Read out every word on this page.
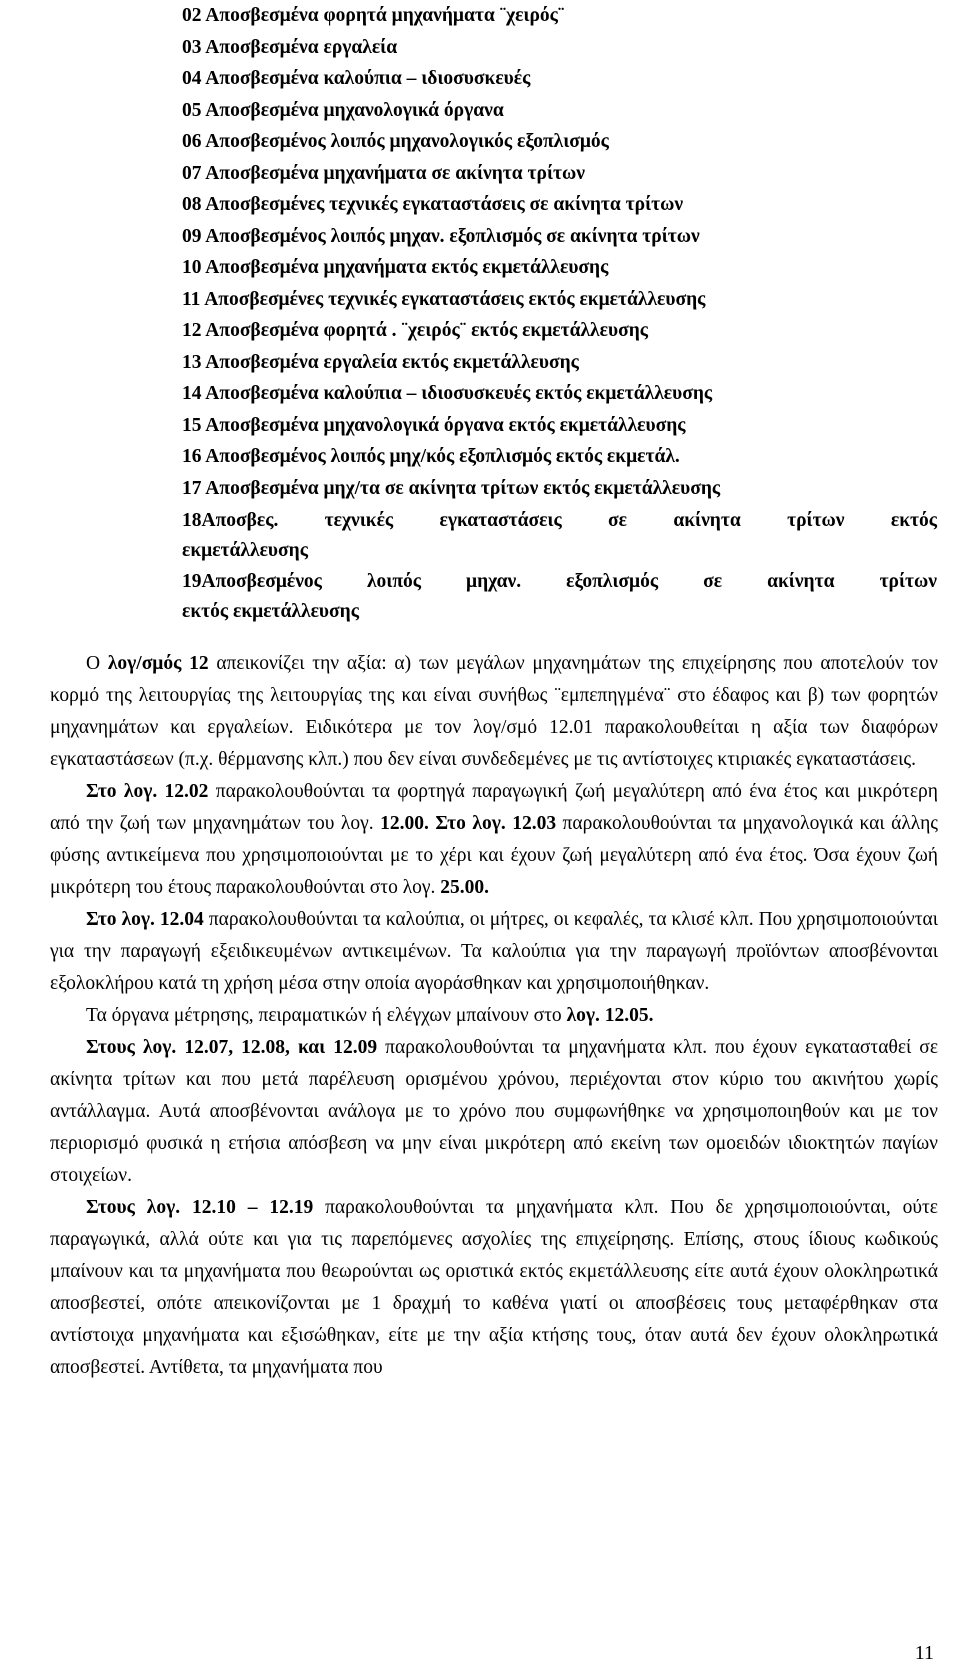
02 Αποσβεσμένα φορητά μηχανήματα ¨χειρός¨
03 Αποσβεσμένα εργαλεία
04 Αποσβεσμένα καλούπια – ιδιοσυσκευές
05 Αποσβεσμένα μηχανολογικά όργανα
06 Αποσβεσμένος λοιπός μηχανολογικός εξοπλισμός
07 Αποσβεσμένα μηχανήματα σε ακίνητα τρίτων
08 Αποσβεσμένες τεχνικές εγκαταστάσεις σε ακίνητα τρίτων
09 Αποσβεσμένος λοιπός μηχαν. εξοπλισμός σε ακίνητα τρίτων
10 Αποσβεσμένα μηχανήματα εκτός εκμετάλλευσης
11 Αποσβεσμένες τεχνικές εγκαταστάσεις εκτός εκμετάλλευσης
12 Αποσβεσμένα φορητά . ¨χειρός¨ εκτός εκμετάλλευσης
13 Αποσβεσμένα εργαλεία εκτός εκμετάλλευσης
14 Αποσβεσμένα καλούπια – ιδιοσυσκευές εκτός εκμετάλλευσης
15 Αποσβεσμένα μηχανολογικά όργανα εκτός εκμετάλλευσης
16 Αποσβεσμένος λοιπός μηχ/κός εξοπλισμός εκτός εκμετάλ.
17 Αποσβεσμένα μηχ/τα σε ακίνητα τρίτων εκτός εκμετάλλευσης
18Αποσβες. τεχνικές εγκαταστάσεις σε ακίνητα τρίτων εκτός
εκμετάλλευσης
19Αποσβεσμένος λοιπός μηχαν. εξοπλισμός σε ακίνητα τρίτων
εκτός εκμετάλλευσης

Ο λογ/σμός 12 απεικονίζει την αξία: α) των μεγάλων μηχανημάτων της επιχείρησης που αποτελούν τον κορμό της λειτουργίας της λειτουργίας της και είναι συνήθως ¨εμπεπηγμένα¨ στο έδαφος και β) των φορητών μηχανημάτων και εργαλείων. Ειδικότερα με τον λογ/σμό 12.01 παρακολουθείται η αξία των διαφόρων εγκαταστάσεων (π.χ. θέρμανσης κλπ.) που δεν είναι συνδεδεμένες με τις αντίστοιχες κτιριακές εγκαταστάσεις.

Στο λογ. 12.02 παρακολουθούνται τα φορτηγά παραγωγική ζωή μεγαλύτερη από ένα έτος και μικρότερη από την ζωή των μηχανημάτων του λογ. 12.00. Στο λογ. 12.03 παρακολουθούνται τα μηχανολογικά και άλλης φύσης αντικείμενα που χρησιμοποιούνται με το χέρι και έχουν ζωή μεγαλύτερη από ένα έτος. Όσα έχουν ζωή μικρότερη του έτους παρακολουθούνται στο λογ. 25.00.

Στο λογ. 12.04 παρακολουθούνται τα καλούπια, οι μήτρες, οι κεφαλές, τα κλισέ κλπ. Που χρησιμοποιούνται για την παραγωγή εξειδικευμένων αντικειμένων. Τα καλούπια για την παραγωγή προϊόντων αποσβένονται εξολοκλήρου κατά τη χρήση μέσα στην οποία αγοράσθηκαν και χρησιμοποιήθηκαν.

Τα όργανα μέτρησης, πειραματικών ή ελέγχων μπαίνουν στο λογ. 12.05.

Στους λογ. 12.07, 12.08, και 12.09 παρακολουθούνται τα μηχανήματα κλπ. που έχουν εγκατασταθεί σε ακίνητα τρίτων και που μετά παρέλευση ορισμένου χρόνου, περιέχονται στον κύριο του ακινήτου χωρίς αντάλλαγμα. Αυτά αποσβένονται ανάλογα με το χρόνο που συμφωνήθηκε να χρησιμοποιηθούν και με τον περιορισμό φυσικά η ετήσια απόσβεση να μην είναι μικρότερη από εκείνη των ομοειδών ιδιοκτητών παγίων στοιχείων.

Στους λογ. 12.10 – 12.19 παρακολουθούνται τα μηχανήματα κλπ. Που δε χρησιμοποιούνται, ούτε παραγωγικά, αλλά ούτε και για τις παρεπόμενες ασχολίες της επιχείρησης. Επίσης, στους ίδιους κωδικούς μπαίνουν και τα μηχανήματα που θεωρούνται ως οριστικά εκτός εκμετάλλευσης είτε αυτά έχουν ολοκληρωτικά αποσβεστεί, οπότε απεικονίζονται με 1 δραχμή το καθένα γιατί οι αποσβέσεις τους μεταφέρθηκαν στα αντίστοιχα μηχανήματα και εξισώθηκαν, είτε με την αξία κτήσης τους, όταν αυτά δεν έχουν ολοκληρωτικά αποσβεστεί. Αντίθετα, τα μηχανήματα που

11
